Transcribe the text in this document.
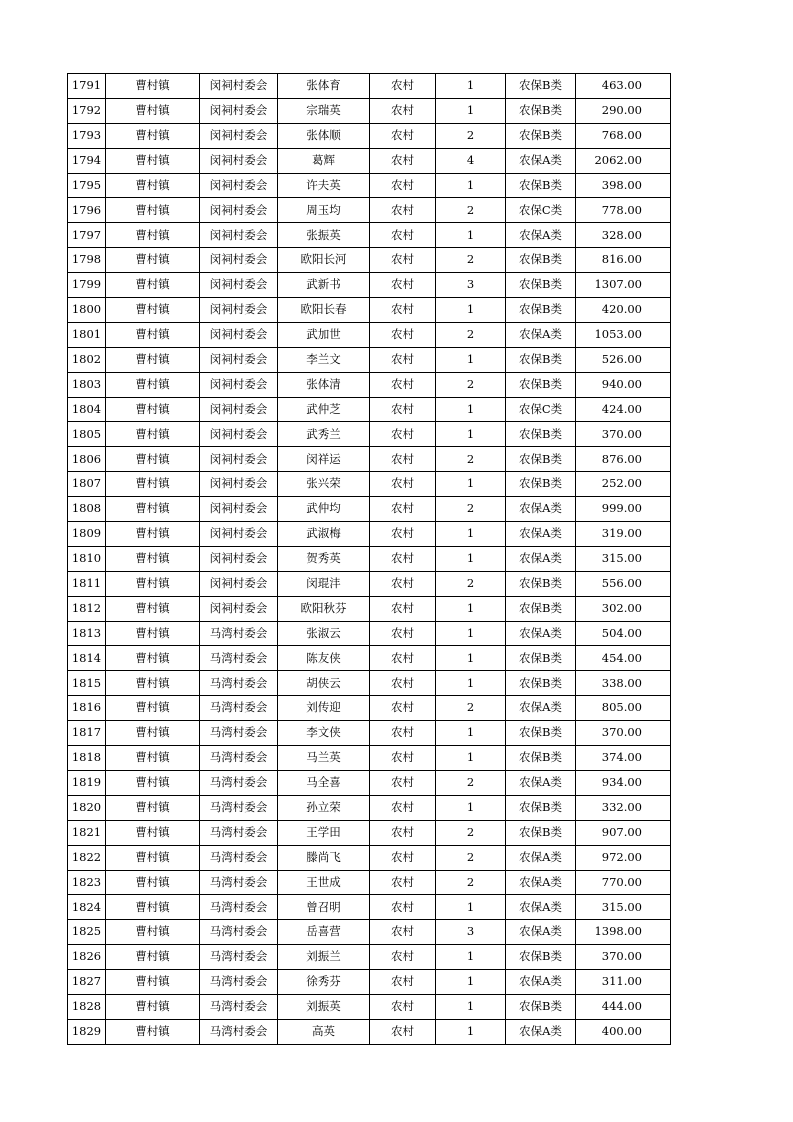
1791	曹村镇	闵祠村委会	张体育	农村	1	农保B类	463.00
1792	曹村镇	闵祠村委会	宗瑞英	农村	1	农保B类	290.00
1793	曹村镇	闵祠村委会	张体顺	农村	2	农保B类	768.00
1794	曹村镇	闵祠村委会	葛辉	农村	4	农保A类	2062.00
1795	曹村镇	闵祠村委会	许夫英	农村	1	农保B类	398.00
1796	曹村镇	闵祠村委会	周玉均	农村	2	农保C类	778.00
1797	曹村镇	闵祠村委会	张振英	农村	1	农保A类	328.00
1798	曹村镇	闵祠村委会	欧阳长河	农村	2	农保B类	816.00
1799	曹村镇	闵祠村委会	武新书	农村	3	农保B类	1307.00
1800	曹村镇	闵祠村委会	欧阳长春	农村	1	农保B类	420.00
1801	曹村镇	闵祠村委会	武加世	农村	2	农保A类	1053.00
1802	曹村镇	闵祠村委会	李兰文	农村	1	农保B类	526.00
1803	曹村镇	闵祠村委会	张体清	农村	2	农保B类	940.00
1804	曹村镇	闵祠村委会	武仲芝	农村	1	农保C类	424.00
1805	曹村镇	闵祠村委会	武秀兰	农村	1	农保B类	370.00
1806	曹村镇	闵祠村委会	闵祥运	农村	2	农保B类	876.00
1807	曹村镇	闵祠村委会	张兴荣	农村	1	农保B类	252.00
1808	曹村镇	闵祠村委会	武仲均	农村	2	农保A类	999.00
1809	曹村镇	闵祠村委会	武淑梅	农村	1	农保A类	319.00
1810	曹村镇	闵祠村委会	贺秀英	农村	1	农保A类	315.00
1811	曹村镇	闵祠村委会	闵琨沣	农村	2	农保B类	556.00
1812	曹村镇	闵祠村委会	欧阳秋芬	农村	1	农保B类	302.00
1813	曹村镇	马湾村委会	张淑云	农村	1	农保A类	504.00
1814	曹村镇	马湾村委会	陈友侠	农村	1	农保B类	454.00
1815	曹村镇	马湾村委会	胡侠云	农村	1	农保B类	338.00
1816	曹村镇	马湾村委会	刘传迎	农村	2	农保A类	805.00
1817	曹村镇	马湾村委会	李文侠	农村	1	农保B类	370.00
1818	曹村镇	马湾村委会	马兰英	农村	1	农保B类	374.00
1819	曹村镇	马湾村委会	马全喜	农村	2	农保A类	934.00
1820	曹村镇	马湾村委会	孙立荣	农村	1	农保B类	332.00
1821	曹村镇	马湾村委会	王学田	农村	2	农保B类	907.00
1822	曹村镇	马湾村委会	滕尚飞	农村	2	农保A类	972.00
1823	曹村镇	马湾村委会	王世成	农村	2	农保A类	770.00
1824	曹村镇	马湾村委会	曾召明	农村	1	农保A类	315.00
1825	曹村镇	马湾村委会	岳喜营	农村	3	农保A类	1398.00
1826	曹村镇	马湾村委会	刘振兰	农村	1	农保B类	370.00
1827	曹村镇	马湾村委会	徐秀芬	农村	1	农保A类	311.00
1828	曹村镇	马湾村委会	刘振英	农村	1	农保B类	444.00
1829	曹村镇	马湾村委会	高英	农村	1	农保A类	400.00
